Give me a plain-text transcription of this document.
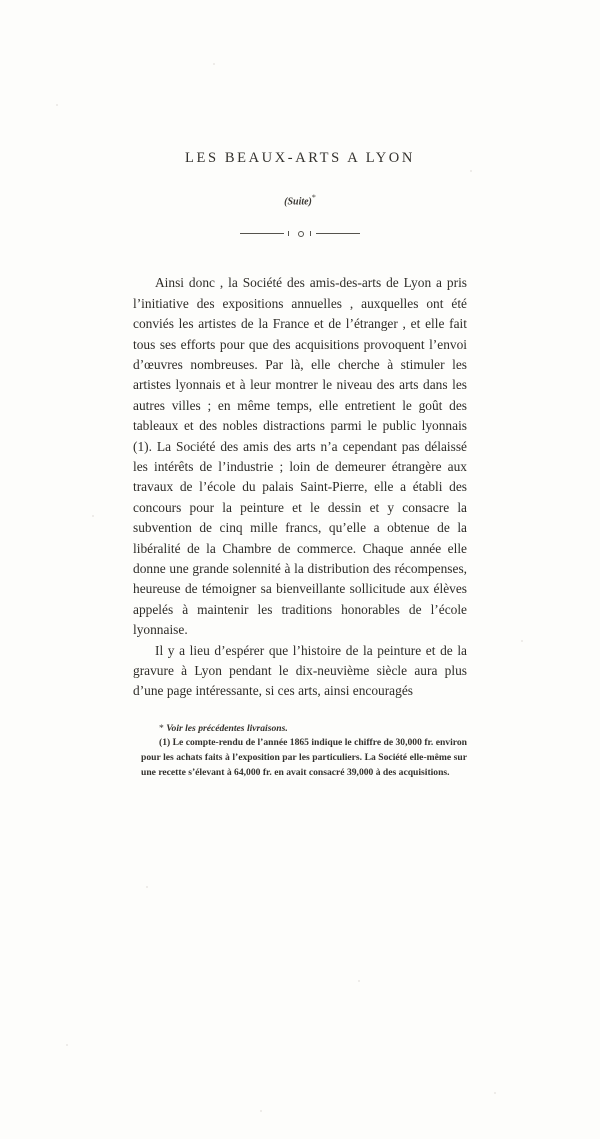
LES BEAUX-ARTS A LYON
(Suite)*

Ainsi donc , la Société des amis-des-arts de Lyon a pris l’initiative des expositions annuelles , auxquelles ont été conviés les artistes de la France et de l’étranger , et elle fait tous ses efforts pour que des acquisitions provoquent l’envoi d’œuvres nombreuses. Par là, elle cherche à stimuler les artistes lyonnais et à leur montrer le niveau des arts dans les autres villes ; en même temps, elle entretient le goût des tableaux et des nobles distractions parmi le public lyonnais (1). La Société des amis des arts n’a cependant pas délaissé les intérêts de l’industrie ; loin de demeurer étrangère aux travaux de l’école du palais Saint-Pierre, elle a établi des concours pour la peinture et le dessin et y consacre la subvention de cinq mille francs, qu’elle a obtenue de la libéralité de la Chambre de commerce. Chaque année elle donne une grande solennité à la distribution des récompenses, heureuse de témoigner sa bienveillante sollicitude aux élèves appelés à maintenir les traditions honorables de l’école lyonnaise.

Il y a lieu d’espérer que l’histoire de la peinture et de la gravure à Lyon pendant le dix-neuvième siècle aura plus d’une page intéressante, si ces arts, ainsi encouragés

* Voir les précédentes livraisons.

(1) Le compte-rendu de l’année 1865 indique le chiffre de 30,000 fr. environ pour les achats faits à l’exposition par les particuliers. La Société elle-même sur une recette s’élevant à 64,000 fr. en avait consacré 39,000 à des acquisitions.
